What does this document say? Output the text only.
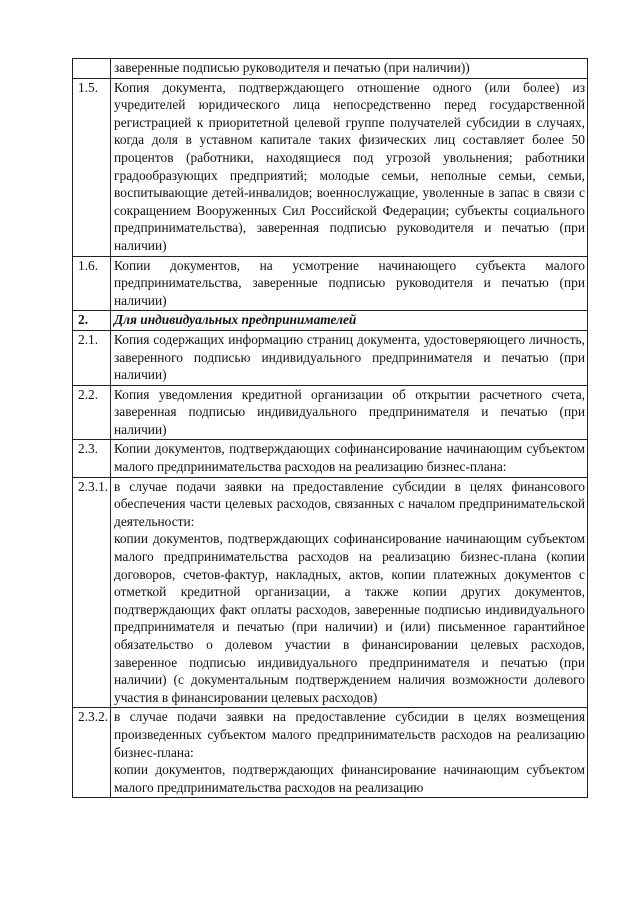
	заверенные подписью руководителя и печатью (при наличии))

1.5.	Копия документа, подтверждающего отношение одного (или более) из учредителей юридического лица непосредственно перед государственной регистрацией к приоритетной целевой группе получателей субсидии в случаях, когда доля в уставном капитале таких физических лиц составляет более 50 процентов (работники, находящиеся под угрозой увольнения; работники градообразующих предприятий; молодые семьи, неполные семьи, семьи, воспитывающие детей-инвалидов; военнослужащие, уволенные в запас в связи с сокращением Вооруженных Сил Российской Федерации; субъекты социального предпринимательства), заверенная подписью руководителя и печатью (при наличии)

1.6.	Копии документов, на усмотрение начинающего субъекта малого предпринимательства, заверенные подписью руководителя и печатью (при наличии)

2.	Для индивидуальных предпринимателей

2.1.	Копия содержащих информацию страниц документа, удостоверяющего личность, заверенного подписью индивидуального предпринимателя и печатью (при наличии)

2.2.	Копия уведомления кредитной организации об открытии расчетного счета, заверенная подписью индивидуального предпринимателя и печатью (при наличии)

2.3.	Копии документов, подтверждающих софинансирование начинающим субъектом малого предпринимательства расходов на реализацию бизнес-плана:

2.3.1.	в случае подачи заявки на предоставление субсидии в целях финансового обеспечения части целевых расходов, связанных с началом предпринимательской деятельности:
копии документов, подтверждающих софинансирование начинающим субъектом малого предпринимательства расходов на реализацию бизнес-плана (копии договоров, счетов-фактур, накладных, актов, копии платежных документов с отметкой кредитной организации, а также копии других документов, подтверждающих факт оплаты расходов, заверенные подписью индивидуального предпринимателя и печатью (при наличии) и (или) письменное гарантийное обязательство о долевом участии в финансировании целевых расходов, заверенное подписью индивидуального предпринимателя и печатью (при наличии) (с документальным подтверждением наличия возможности долевого участия в финансировании целевых расходов)

2.3.2.	в случае подачи заявки на предоставление субсидии в целях возмещения произведенных субъектом малого предпринимательств расходов на реализацию бизнес-плана:
копии документов, подтверждающих финансирование начинающим субъектом малого предпринимательства расходов на реализацию
